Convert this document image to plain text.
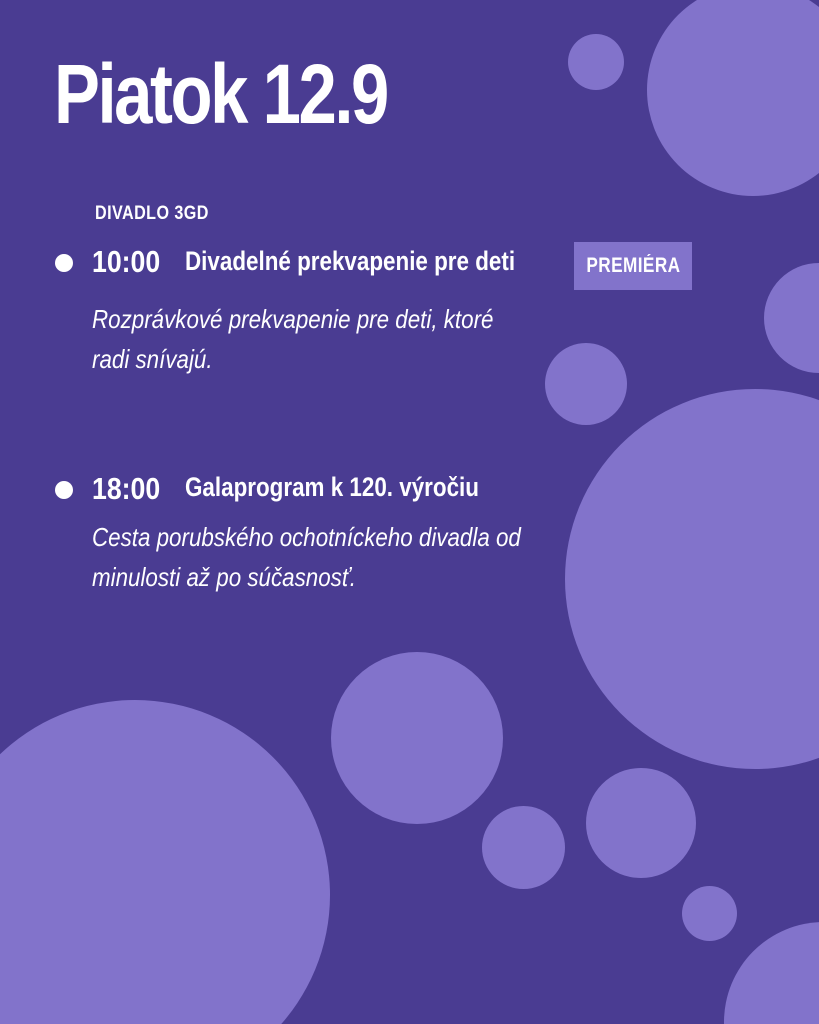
Piatok 12.9
DIVADLO 3GD
10:00 Divadelné prekvapenie pre deti	PREMIÉRA
Rozprávkové prekvapenie pre deti, ktoré radi snívajú.
18:00 Galaprogram k 120. výročiu
Cesta porubského ochotníckeho divadla od minulosti až po súčasnosť.
